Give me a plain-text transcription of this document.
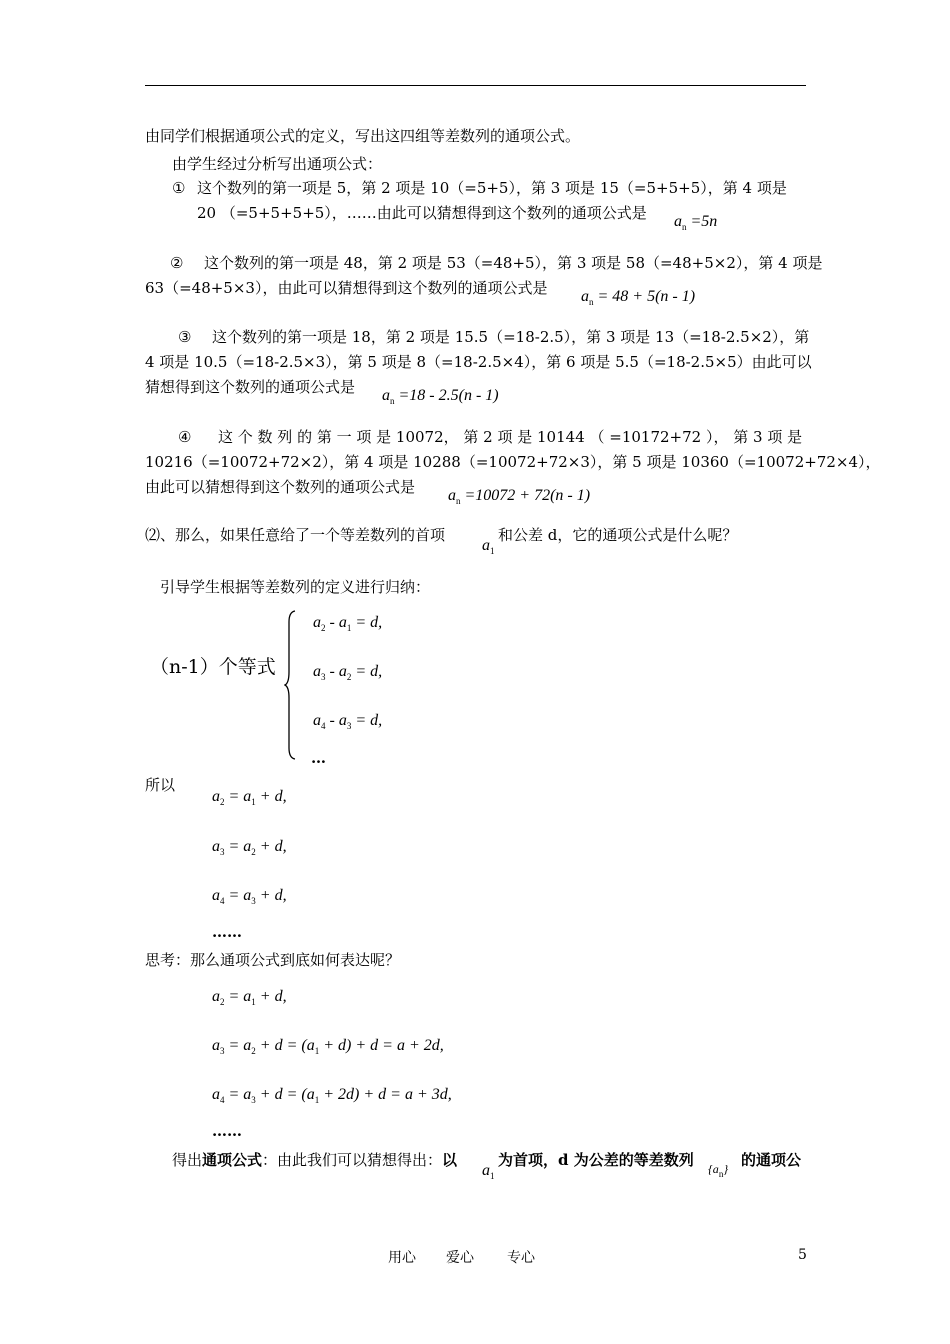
由同学们根据通项公式的定义，写出这四组等差数列的通项公式。
由学生经过分析写出通项公式：
① 这个数列的第一项是 5，第 2 项是 10（=5+5），第 3 项是 15（=5+5+5），第 4 项是
20 （=5+5+5+5），……由此可以猜想得到这个数列的通项公式是 $a_n =5n$
② 这个数列的第一项是 48，第 2 项是 53（=48+5），第 3 项是 58（=48+5×2），第 4 项是
63（=48+5×3），由此可以猜想得到这个数列的通项公式是 $a_n = 48 + 5(n - 1)$
③ 这个数列的第一项是 18，第 2 项是 15.5（=18-2.5），第 3 项是 13（=18-2.5×2），第
4 项是 10.5（=18-2.5×3），第 5 项是 8（=18-2.5×4），第 6 项是 5.5（=18-2.5×5）由此可以
猜想得到这个数列的通项公式是 $a_n =18 - 2.5(n - 1)$
④ 这 个 数 列 的 第 一 项 是 10072， 第 2 项 是 10144 （ =10172+72 ）， 第 3 项 是
10216（=10072+72×2），第 4 项是 10288（=10072+72×3），第 5 项是 10360（=10072+72×4），
由此可以猜想得到这个数列的通项公式是 $a_n =10072 + 72(n - 1)$
⑵、那么，如果任意给了一个等差数列的首项
$a_1$
和公差 d，它的通项公式是什么呢？
引导学生根据等差数列的定义进行归纳：
（n-1）个等式
$a_2 - a_1 = d$,
$a_3 - a_2 = d$,
$a_4 - a_3 = d$,
…
所以
$a_2 = a_1 + d$,
$a_3 = a_2 + d$,
$a_4 = a_3 + d$,
……
思考：那么通项公式到底如何表达呢？
$a_2 = a_1 + d$,
$a_3 = a_2 + d = (a_1 + d) + d = a + 2d$,
$a_4 = a_3 + d = (a_1 + 2d) + d = a + 3d$,
……
得出通项公式：由此我们可以猜想得出：以
$a_1$
为首项，d 为公差的等差数列 $\{a_n\}$ 的通项公
用心 爱心 专心	5
